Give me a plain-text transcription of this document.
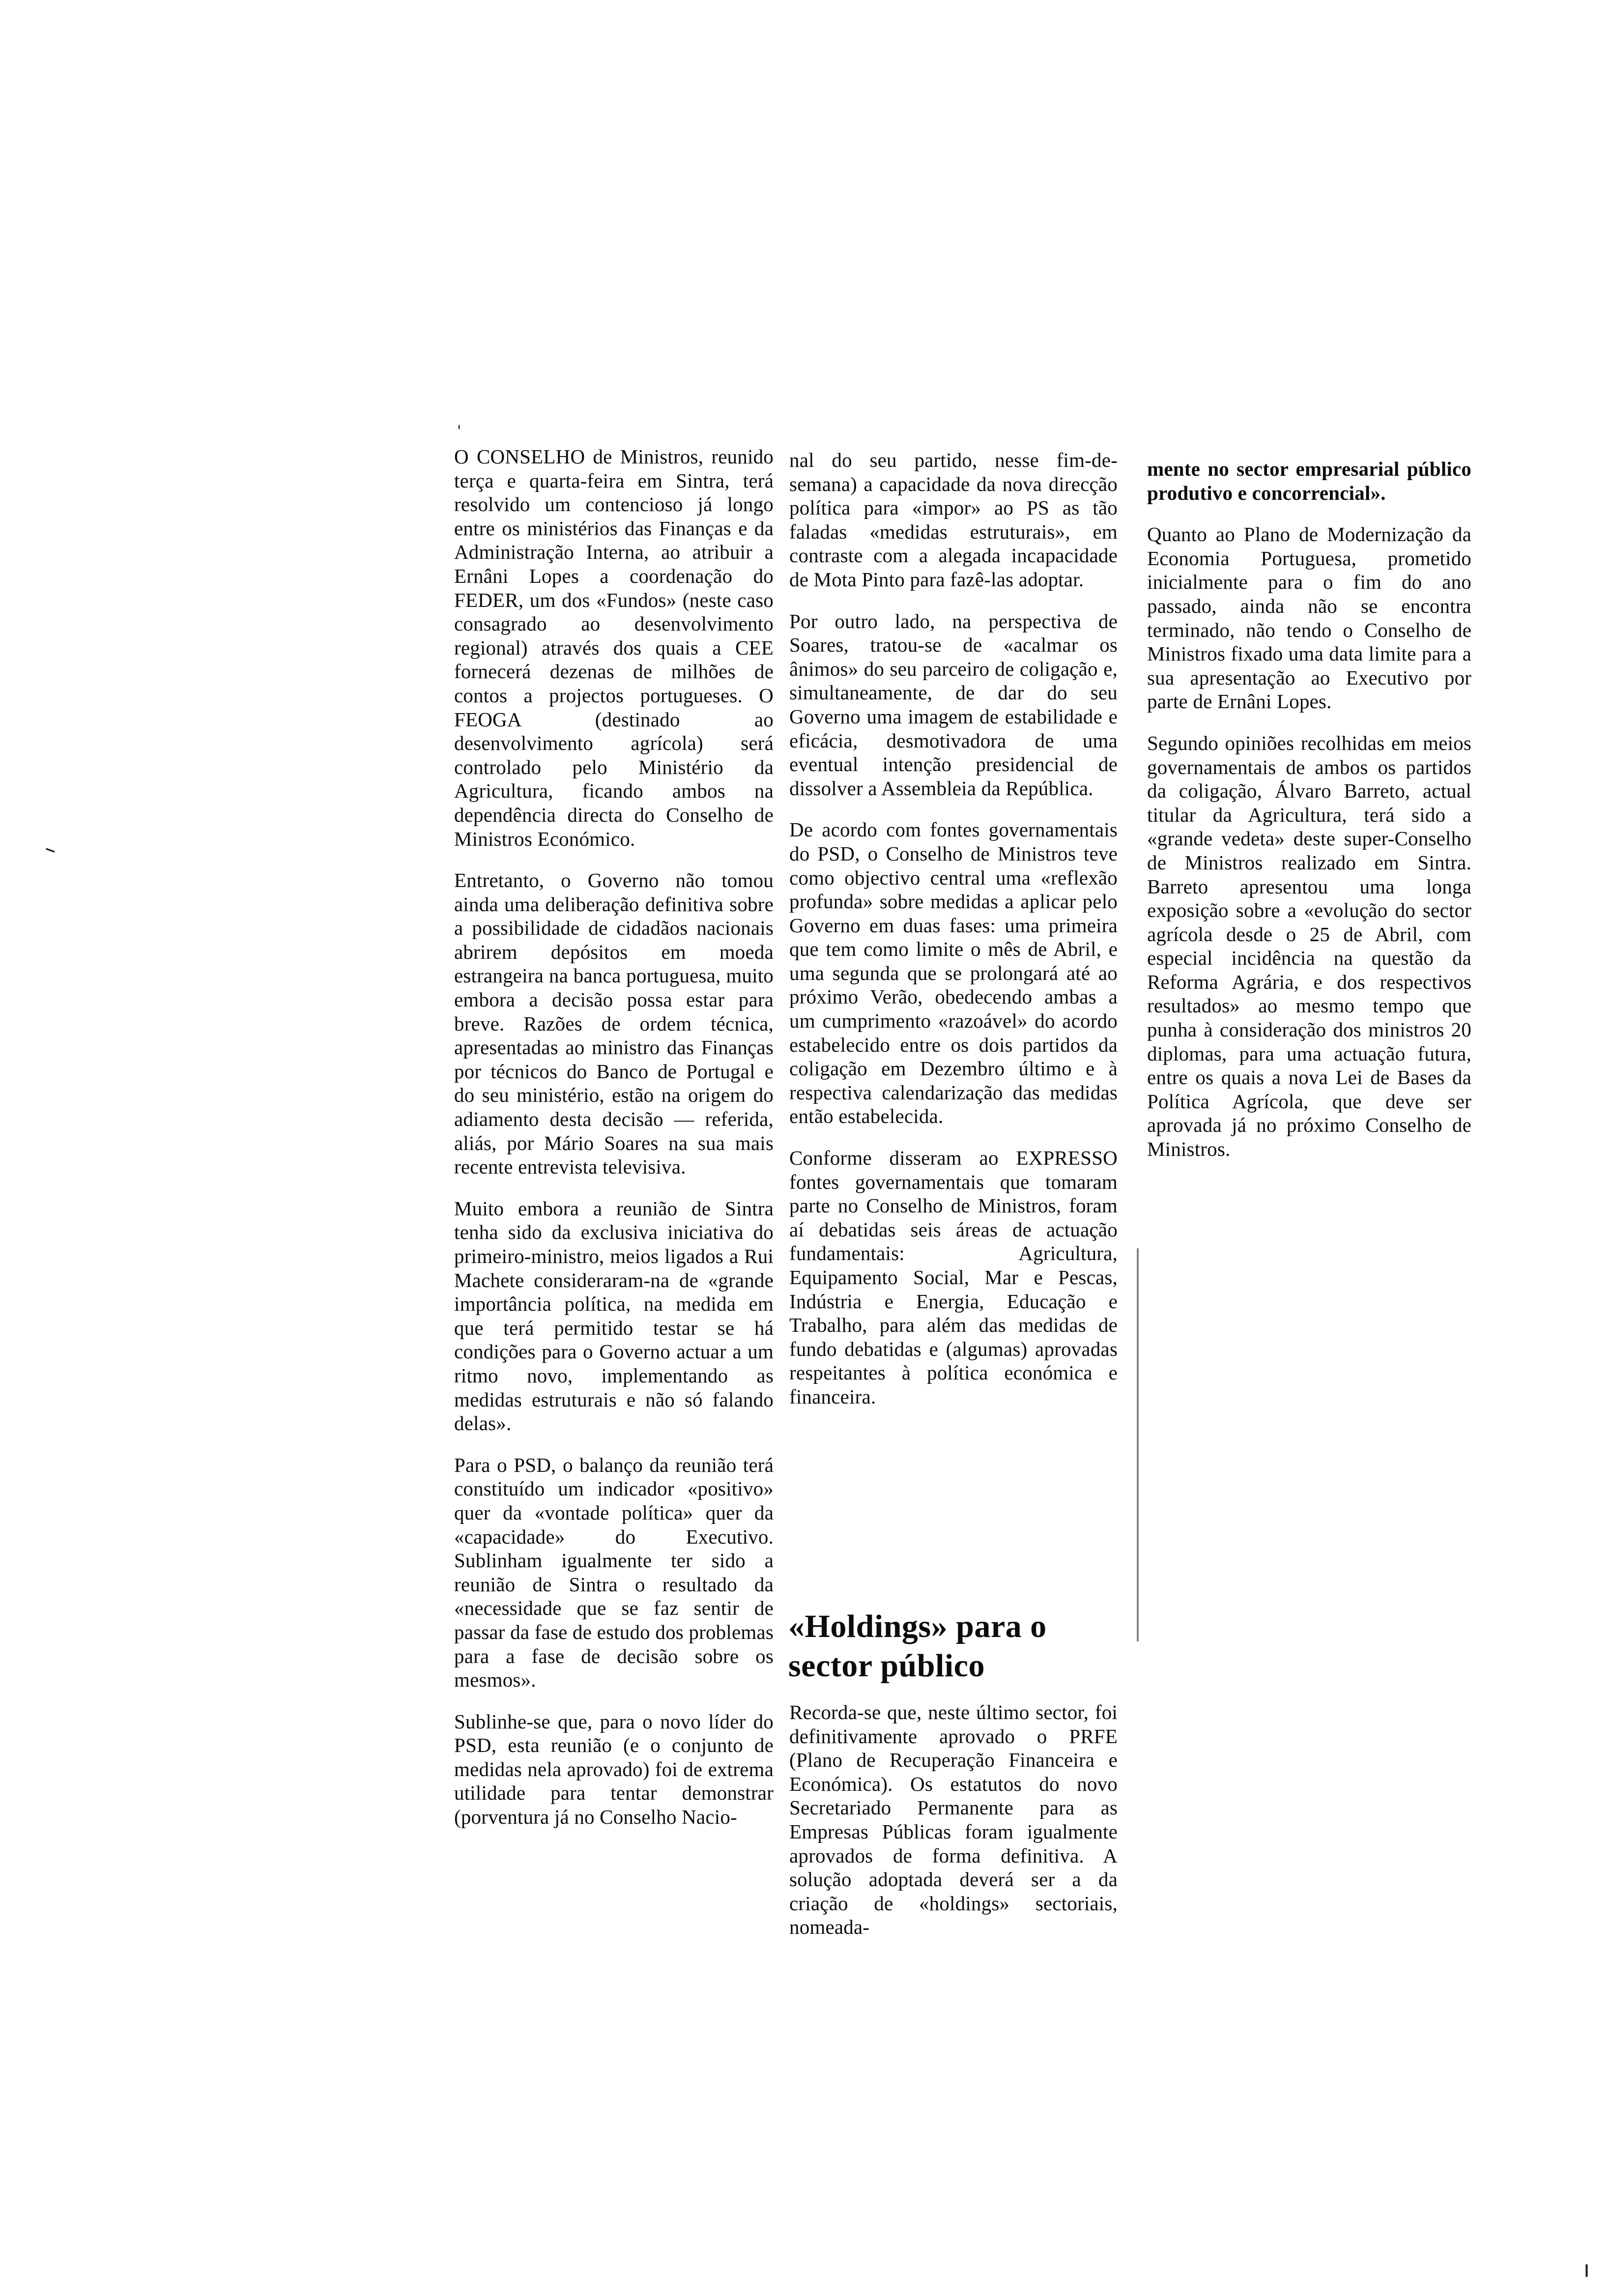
'
–
ı

O CONSELHO de Ministros, reunido terça e quarta-feira em Sintra, terá resolvido um contencioso já longo entre os ministérios das Finanças e da Administração Interna, ao atribuir a Ernâni Lopes a coordenação do FEDER, um dos «Fundos» (neste caso consagrado ao desenvolvimento regional) através dos quais a CEE fornecerá dezenas de milhões de contos a projectos portugueses. O FEOGA (destinado ao desenvolvimento agrícola) será controlado pelo Ministério da Agricultura, ficando ambos na dependência directa do Conselho de Ministros Económico.

Entretanto, o Governo não tomou ainda uma deliberação definitiva sobre a possibilidade de cidadãos nacionais abrirem depósitos em moeda estrangeira na banca portuguesa, muito embora a decisão possa estar para breve. Razões de ordem técnica, apresentadas ao ministro das Finanças por técnicos do Banco de Portugal e do seu ministério, estão na origem do adiamento desta decisão — referida, aliás, por Mário Soares na sua mais recente entrevista televisiva.

Muito embora a reunião de Sintra tenha sido da exclusiva iniciativa do primeiro-ministro, meios ligados a Rui Machete consideraram-na de «grande importância política, na medida em que terá permitido testar se há condições para o Governo actuar a um ritmo novo, implementando as medidas estruturais e não só falando delas».

Para o PSD, o balanço da reunião terá constituído um indicador «positivo» quer da «vontade política» quer da «capacidade» do Executivo. Sublinham igualmente ter sido a reunião de Sintra o resultado da «necessidade que se faz sentir de passar da fase de estudo dos problemas para a fase de decisão sobre os mesmos».

Sublinhe-se que, para o novo líder do PSD, esta reunião (e o conjunto de medidas nela aprovado) foi de extrema utilidade para tentar demonstrar (porventura já no Conselho Nacio-

nal do seu partido, nesse fim-de-semana) a capacidade da nova direcção política para «impor» ao PS as tão faladas «medidas estruturais», em contraste com a alegada incapacidade de Mota Pinto para fazê-las adoptar.

Por outro lado, na perspectiva de Soares, tratou-se de «acalmar os ânimos» do seu parceiro de coligação e, simultaneamente, de dar do seu Governo uma imagem de estabilidade e eficácia, desmotivadora de uma eventual intenção presidencial de dissolver a Assembleia da República.

De acordo com fontes governamentais do PSD, o Conselho de Ministros teve como objectivo central uma «reflexão profunda» sobre medidas a aplicar pelo Governo em duas fases: uma primeira que tem como limite o mês de Abril, e uma segunda que se prolongará até ao próximo Verão, obedecendo ambas a um cumprimento «razoável» do acordo estabelecido entre os dois partidos da coligação em Dezembro último e à respectiva calendarização das medidas então estabelecida.

Conforme disseram ao EXPRESSO fontes governamentais que tomaram parte no Conselho de Ministros, foram aí debatidas seis áreas de actuação fundamentais: Agricultura, Equipamento Social, Mar e Pescas, Indústria e Energia, Educação e Trabalho, para além das medidas de fundo debatidas e (algumas) aprovadas respeitantes à política económica e financeira.

«Holdings» para o sector público

Recorda-se que, neste último sector, foi definitivamente aprovado o PRFE (Plano de Recuperação Financeira e Económica). Os estatutos do novo Secretariado Permanente para as Empresas Públicas foram igualmente aprovados de forma definitiva. A solução adoptada deverá ser a da criação de «holdings» sectoriais, nomeada-

mente no sector empresarial público produtivo e concorrencial».

Quanto ao Plano de Modernização da Economia Portuguesa, prometido inicialmente para o fim do ano passado, ainda não se encontra terminado, não tendo o Conselho de Ministros fixado uma data limite para a sua apresentação ao Executivo por parte de Ernâni Lopes.

Segundo opiniões recolhidas em meios governamentais de ambos os partidos da coligação, Álvaro Barreto, actual titular da Agricultura, terá sido a «grande vedeta» deste super-Conselho de Ministros realizado em Sintra. Barreto apresentou uma longa exposição sobre a «evolução do sector agrícola desde o 25 de Abril, com especial incidência na questão da Reforma Agrária, e dos respectivos resultados» ao mesmo tempo que punha à consideração dos ministros 20 diplomas, para uma actuação futura, entre os quais a nova Lei de Bases da Política Agrícola, que deve ser aprovada já no próximo Conselho de Ministros.
